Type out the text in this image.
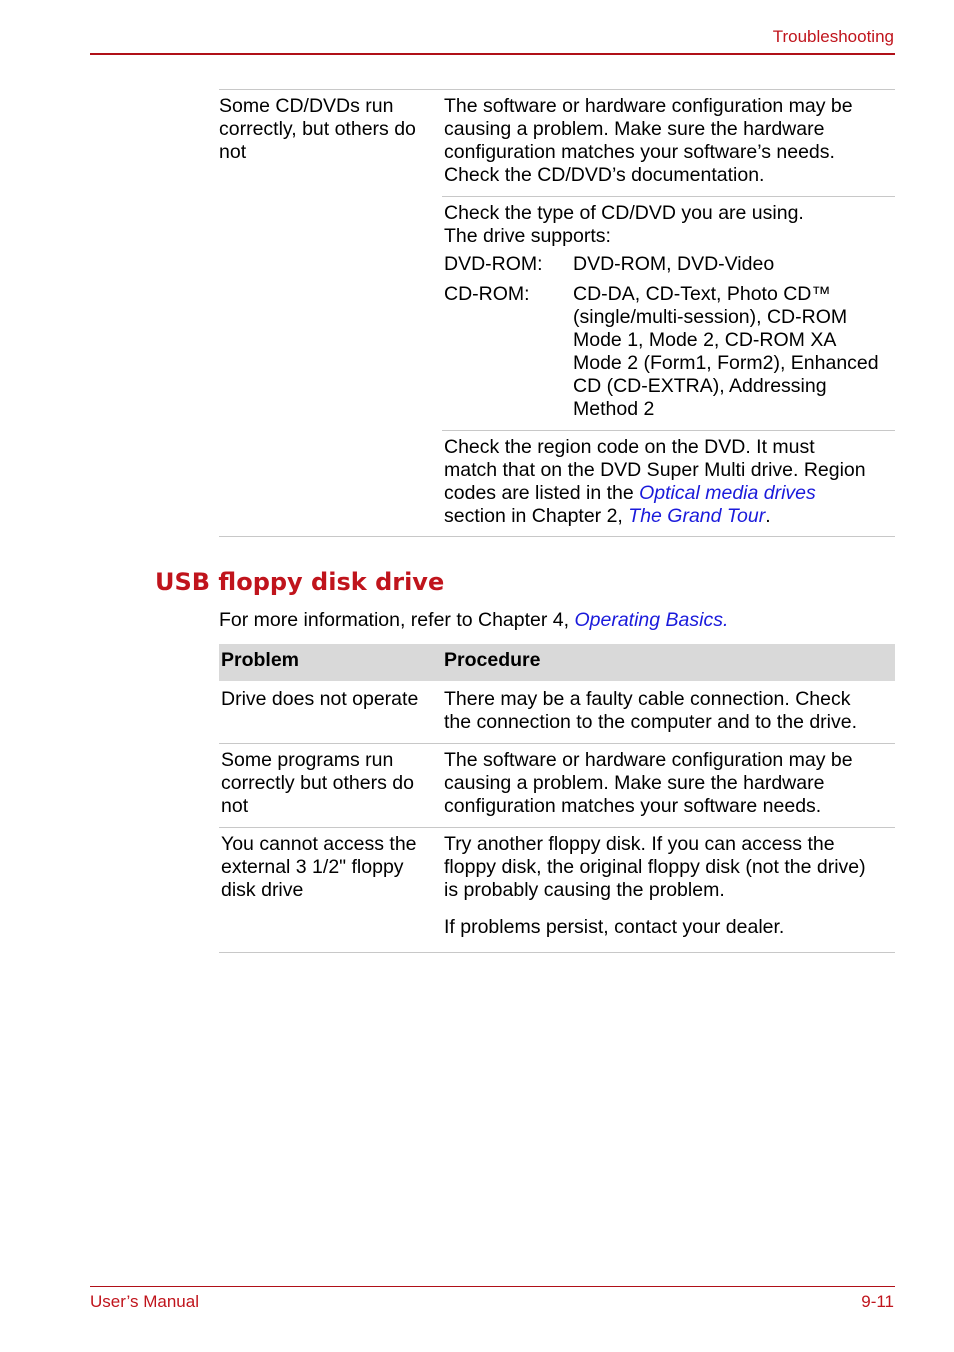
Troubleshooting
Some CD/DVDs run
correctly, but others do
not
The software or hardware configuration may be
causing a problem. Make sure the hardware
configuration matches your software’s needs.
Check the CD/DVD’s documentation.
Check the type of CD/DVD you are using.
The drive supports:
DVD-ROM: DVD-ROM, DVD-Video
CD-ROM: CD-DA, CD-Text, Photo CD™
(single/multi-session), CD-ROM
Mode 1, Mode 2, CD-ROM XA
Mode 2 (Form1, Form2), Enhanced
CD (CD-EXTRA), Addressing
Method 2
Check the region code on the DVD. It must
match that on the DVD Super Multi drive. Region
codes are listed in the Optical media drives
section in Chapter 2, The Grand Tour.
USB floppy disk drive
For more information, refer to Chapter 4, Operating Basics.
Problem	Procedure
Drive does not operate There may be a faulty cable connection. Check
the connection to the computer and to the drive.
Some programs run
correctly but others do
not
The software or hardware configuration may be
causing a problem. Make sure the hardware
configuration matches your software needs.
You cannot access the
external 3 1/2" floppy
disk drive
Try another floppy disk. If you can access the
floppy disk, the original floppy disk (not the drive)
is probably causing the problem.
If problems persist, contact your dealer.
User’s Manual	9-11
